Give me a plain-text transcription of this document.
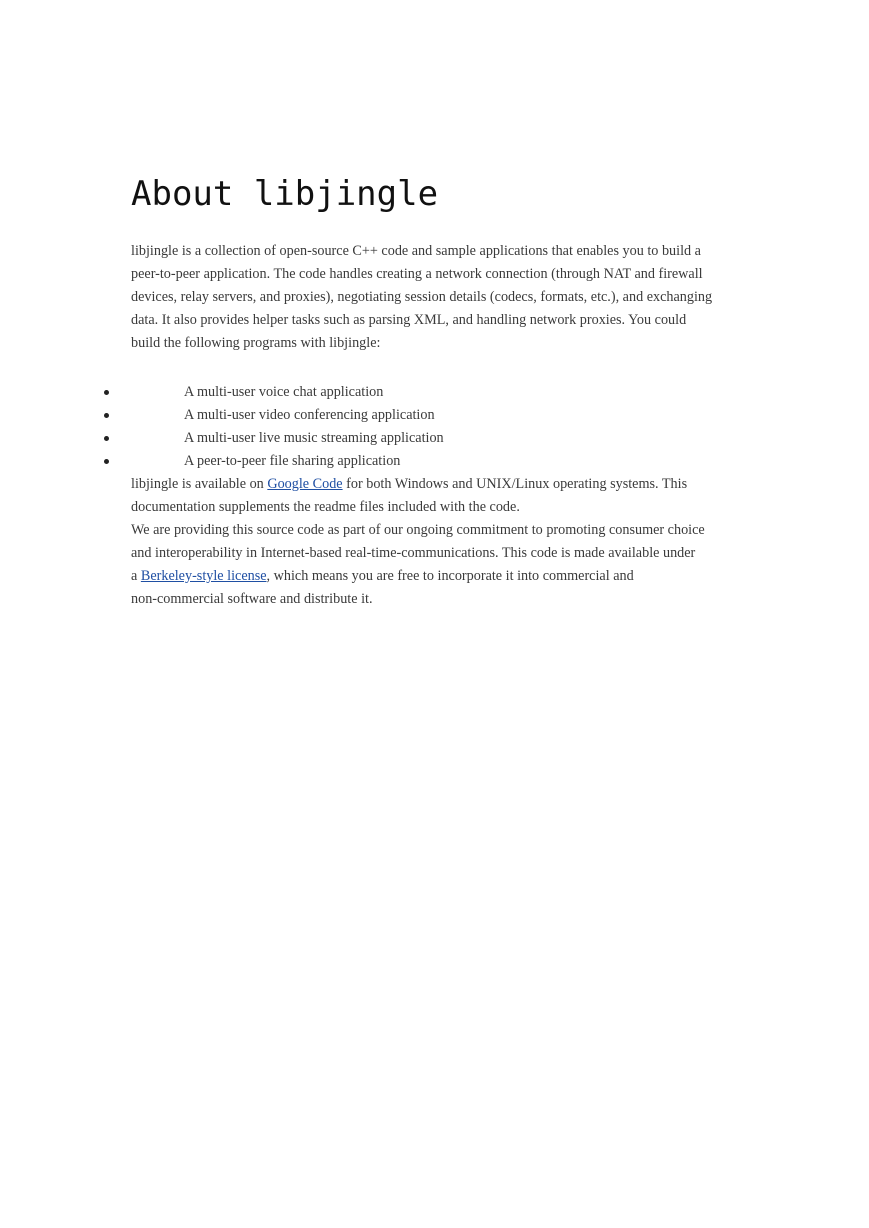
About libjingle

libjingle is a collection of open-source C++ code and sample applications that enables you to build a
peer-to-peer application. The code handles creating a network connection (through NAT and firewall
devices, relay servers, and proxies), negotiating session details (codecs, formats, etc.), and exchanging
data. It also provides helper tasks such as parsing XML, and handling network proxies. You could
build the following programs with libjingle:

A multi-user voice chat application
A multi-user video conferencing application
A multi-user live music streaming application
A peer-to-peer file sharing application

libjingle is available on Google Code for both Windows and UNIX/Linux operating systems. This
documentation supplements the readme files included with the code.

We are providing this source code as part of our ongoing commitment to promoting consumer choice
and interoperability in Internet-based real-time-communications. This code is made available under
a Berkeley-style license, which means you are free to incorporate it into commercial and
non-commercial software and distribute it.
